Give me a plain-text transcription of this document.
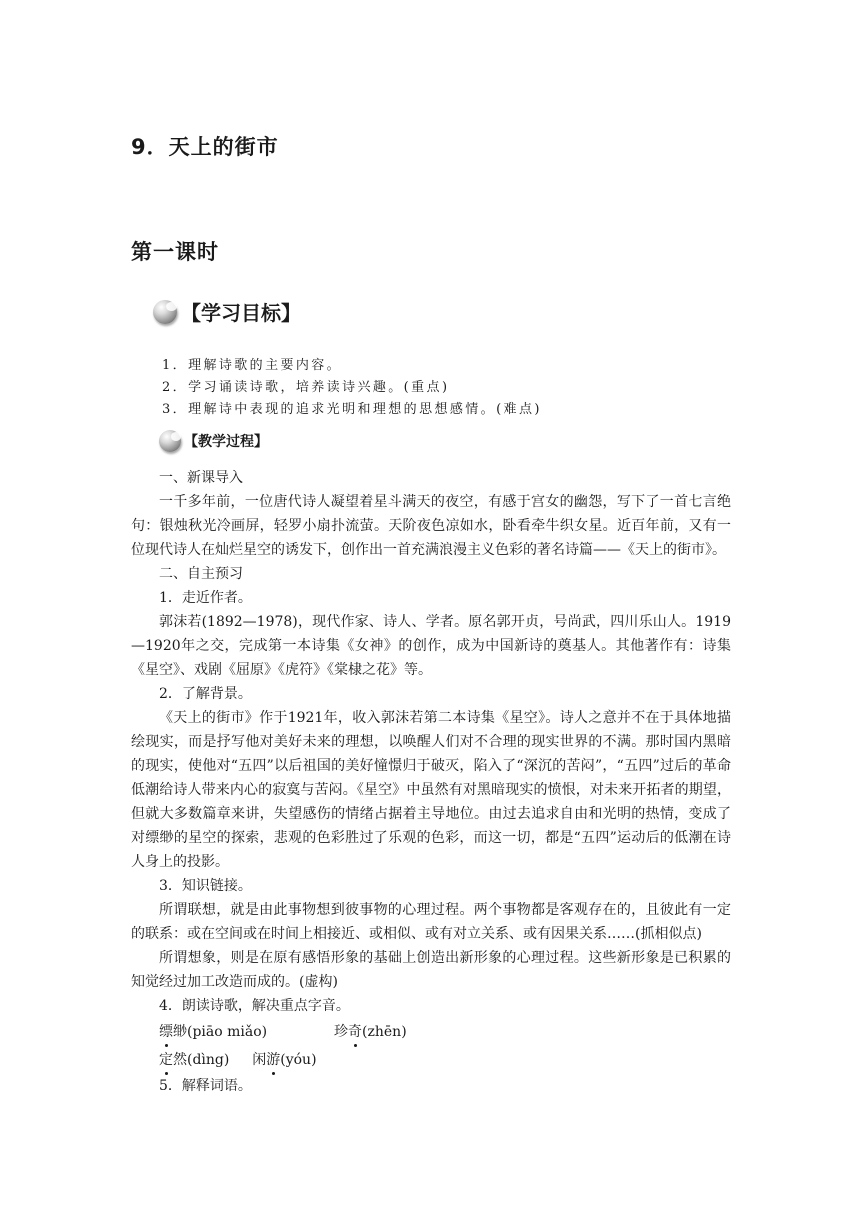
9．天上的街市
第一课时
【学习目标】
1．理解诗歌的主要内容。
2．学习诵读诗歌，培养读诗兴趣。(重点)
3．理解诗中表现的追求光明和理想的思想感情。(难点)
【教学过程】

一、新课导入

一千多年前，一位唐代诗人凝望着星斗满天的夜空，有感于宫女的幽怨，写下了一首七言绝句：银烛秋光冷画屏，轻罗小扇扑流萤。天阶夜色凉如水，卧看牵牛织女星。近百年前，又有一位现代诗人在灿烂星空的诱发下，创作出一首充满浪漫主义色彩的著名诗篇——《天上的街市》。

二、自主预习

1．走近作者。

郭沫若(1892—1978)，现代作家、诗人、学者。原名郭开贞，号尚武，四川乐山人。1919—1920年之交，完成第一本诗集《女神》的创作，成为中国新诗的奠基人。其他著作有：诗集《星空》、戏剧《屈原》《虎符》《棠棣之花》等。

2．了解背景。

《天上的街市》作于1921年，收入郭沫若第二本诗集《星空》。诗人之意并不在于具体地描绘现实，而是抒写他对美好未来的理想，以唤醒人们对不合理的现实世界的不满。那时国内黑暗的现实，使他对“五四”以后祖国的美好憧憬归于破灭，陷入了“深沉的苦闷”，“五四”过后的革命低潮给诗人带来内心的寂寞与苦闷。《星空》中虽然有对黑暗现实的愤恨，对未来开拓者的期望，但就大多数篇章来讲，失望感伤的情绪占据着主导地位。由过去追求自由和光明的热情，变成了对缥缈的星空的探索，悲观的色彩胜过了乐观的色彩，而这一切，都是“五四”运动后的低潮在诗人身上的投影。

3．知识链接。

所谓联想，就是由此事物想到彼事物的心理过程。两个事物都是客观存在的，且彼此有一定的联系：或在空间或在时间上相接近、或相似、或有对立关系、或有因果关系……(抓相似点)

所谓想象，则是在原有感悟形象的基础上创造出新形象的心理过程。这些新形象是已积累的知觉经过加工改造而成的。(虚构)

4．朗读诗歌，解决重点字音。

缥缈(piāo miǎo)	珍奇(zhēn)
定然(dìng) 闲游(yóu)

5．解释词语。
